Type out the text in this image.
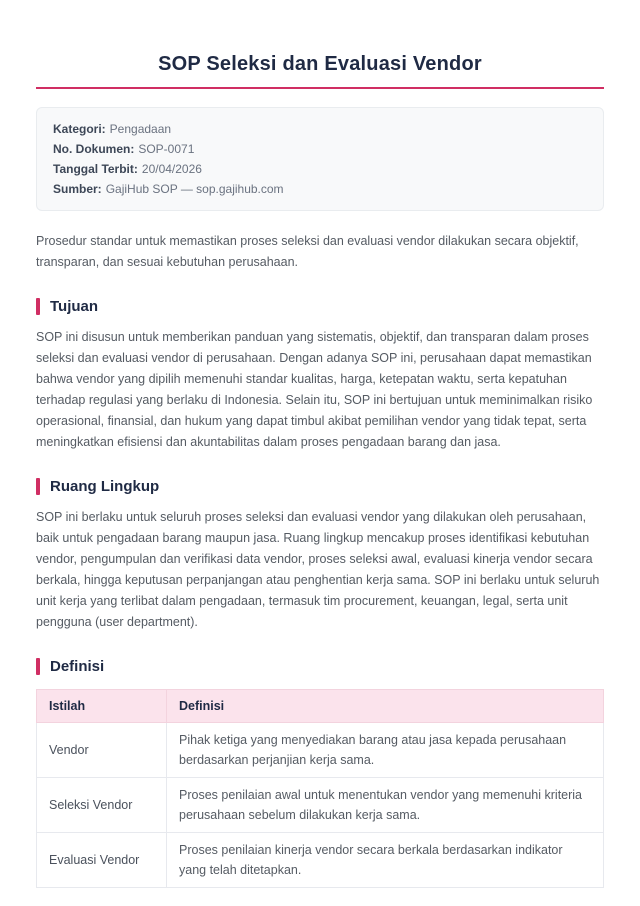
SOP Seleksi dan Evaluasi Vendor
Kategori: Pengadaan
No. Dokumen: SOP-0071
Tanggal Terbit: 20/04/2026
Sumber: GajiHub SOP — sop.gajihub.com

Prosedur standar untuk memastikan proses seleksi dan evaluasi vendor dilakukan secara objektif, transparan, dan sesuai kebutuhan perusahaan.

Tujuan

SOP ini disusun untuk memberikan panduan yang sistematis, objektif, dan transparan dalam proses seleksi dan evaluasi vendor di perusahaan. Dengan adanya SOP ini, perusahaan dapat memastikan bahwa vendor yang dipilih memenuhi standar kualitas, harga, ketepatan waktu, serta kepatuhan terhadap regulasi yang berlaku di Indonesia. Selain itu, SOP ini bertujuan untuk meminimalkan risiko operasional, finansial, dan hukum yang dapat timbul akibat pemilihan vendor yang tidak tepat, serta meningkatkan efisiensi dan akuntabilitas dalam proses pengadaan barang dan jasa.

Ruang Lingkup

SOP ini berlaku untuk seluruh proses seleksi dan evaluasi vendor yang dilakukan oleh perusahaan, baik untuk pengadaan barang maupun jasa. Ruang lingkup mencakup proses identifikasi kebutuhan vendor, pengumpulan dan verifikasi data vendor, proses seleksi awal, evaluasi kinerja vendor secara berkala, hingga keputusan perpanjangan atau penghentian kerja sama. SOP ini berlaku untuk seluruh unit kerja yang terlibat dalam pengadaan, termasuk tim procurement, keuangan, legal, serta unit pengguna (user department).

Definisi
Istilah	Definisi
Vendor	Pihak ketiga yang menyediakan barang atau jasa kepada perusahaan berdasarkan perjanjian kerja sama.
Seleksi Vendor	Proses penilaian awal untuk menentukan vendor yang memenuhi kriteria perusahaan sebelum dilakukan kerja sama.
Evaluasi Vendor	Proses penilaian kinerja vendor secara berkala berdasarkan indikator yang telah ditetapkan.
